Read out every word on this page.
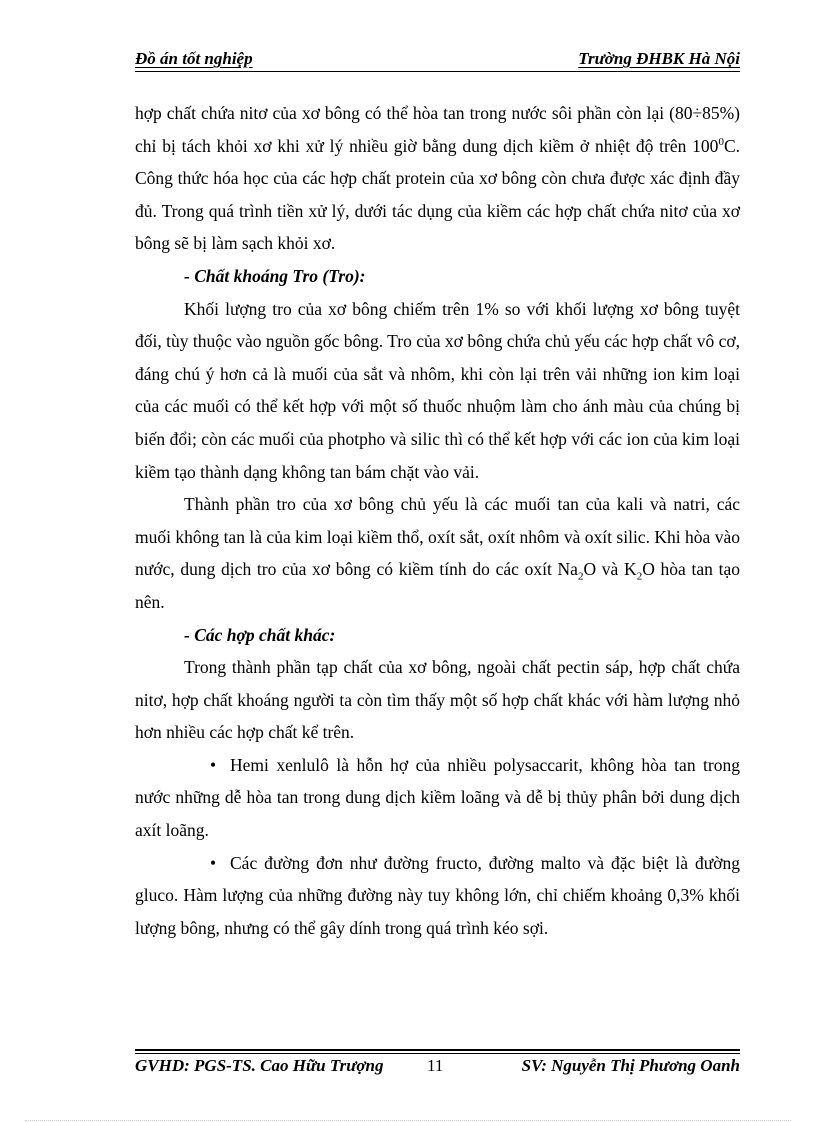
Đồ án tốt nghiệp	Trường ĐHBK Hà Nội

hợp chất chứa nitơ của xơ bông có thể hòa tan trong nước sôi phần còn lại (80÷85%) chỉ bị tách khỏi xơ khi xử lý nhiều giờ bằng dung dịch kiềm ở nhiệt độ trên $100^0C$. Công thức hóa học của các hợp chất protein của xơ bông còn chưa được xác định đầy đủ. Trong quá trình tiền xử lý, dưới tác dụng của kiềm các hợp chất chứa nitơ của xơ bông sẽ bị làm sạch khỏi xơ.

- Chất khoáng Tro (Tro):

Khối lượng tro của xơ bông chiếm trên 1% so với khối lượng xơ bông tuyệt đối, tùy thuộc vào nguồn gốc bông. Tro của xơ bông chứa chủ yếu các hợp chất vô cơ, đáng chú ý hơn cả là muối của sắt và nhôm, khi còn lại trên vải những ion kim loại của các muối có thể kết hợp với một số thuốc nhuộm làm cho ánh màu của chúng bị biến đổi; còn các muối của photpho và silic thì có thể kết hợp với các ion của kim loại kiềm tạo thành dạng không tan bám chặt vào vải.

Thành phần tro của xơ bông chủ yếu là các muối tan của kali và natri, các muối không tan là của kim loại kiềm thổ, oxít sắt, oxít nhôm và oxít silic. Khi hòa vào nước, dung dịch tro của xơ bông có kiềm tính do các oxít $Na_2O$ và $K_2O$ hòa tan tạo nên.

- Các hợp chất khác:

Trong thành phần tạp chất của xơ bông, ngoài chất pectin sáp, hợp chất chứa nitơ, hợp chất khoáng người ta còn tìm thấy một số hợp chất khác với hàm lượng nhỏ hơn nhiều các hợp chất kể trên.

• Hemi xenlulô là hỗn hợ của nhiều polysaccarit, không hòa tan trong nước những dễ hòa tan trong dung dịch kiềm loãng và dễ bị thủy phân bởi dung dịch axít loãng.

• Các đường đơn như đường fructo, đường malto và đặc biệt là đường gluco. Hàm lượng của những đường này tuy không lớn, chỉ chiếm khoảng 0,3% khối lượng bông, nhưng có thể gây dính trong quá trình kéo sợi.

GVHD: PGS-TS. Cao Hữu Trượng	11	SV: Nguyễn Thị Phương Oanh
